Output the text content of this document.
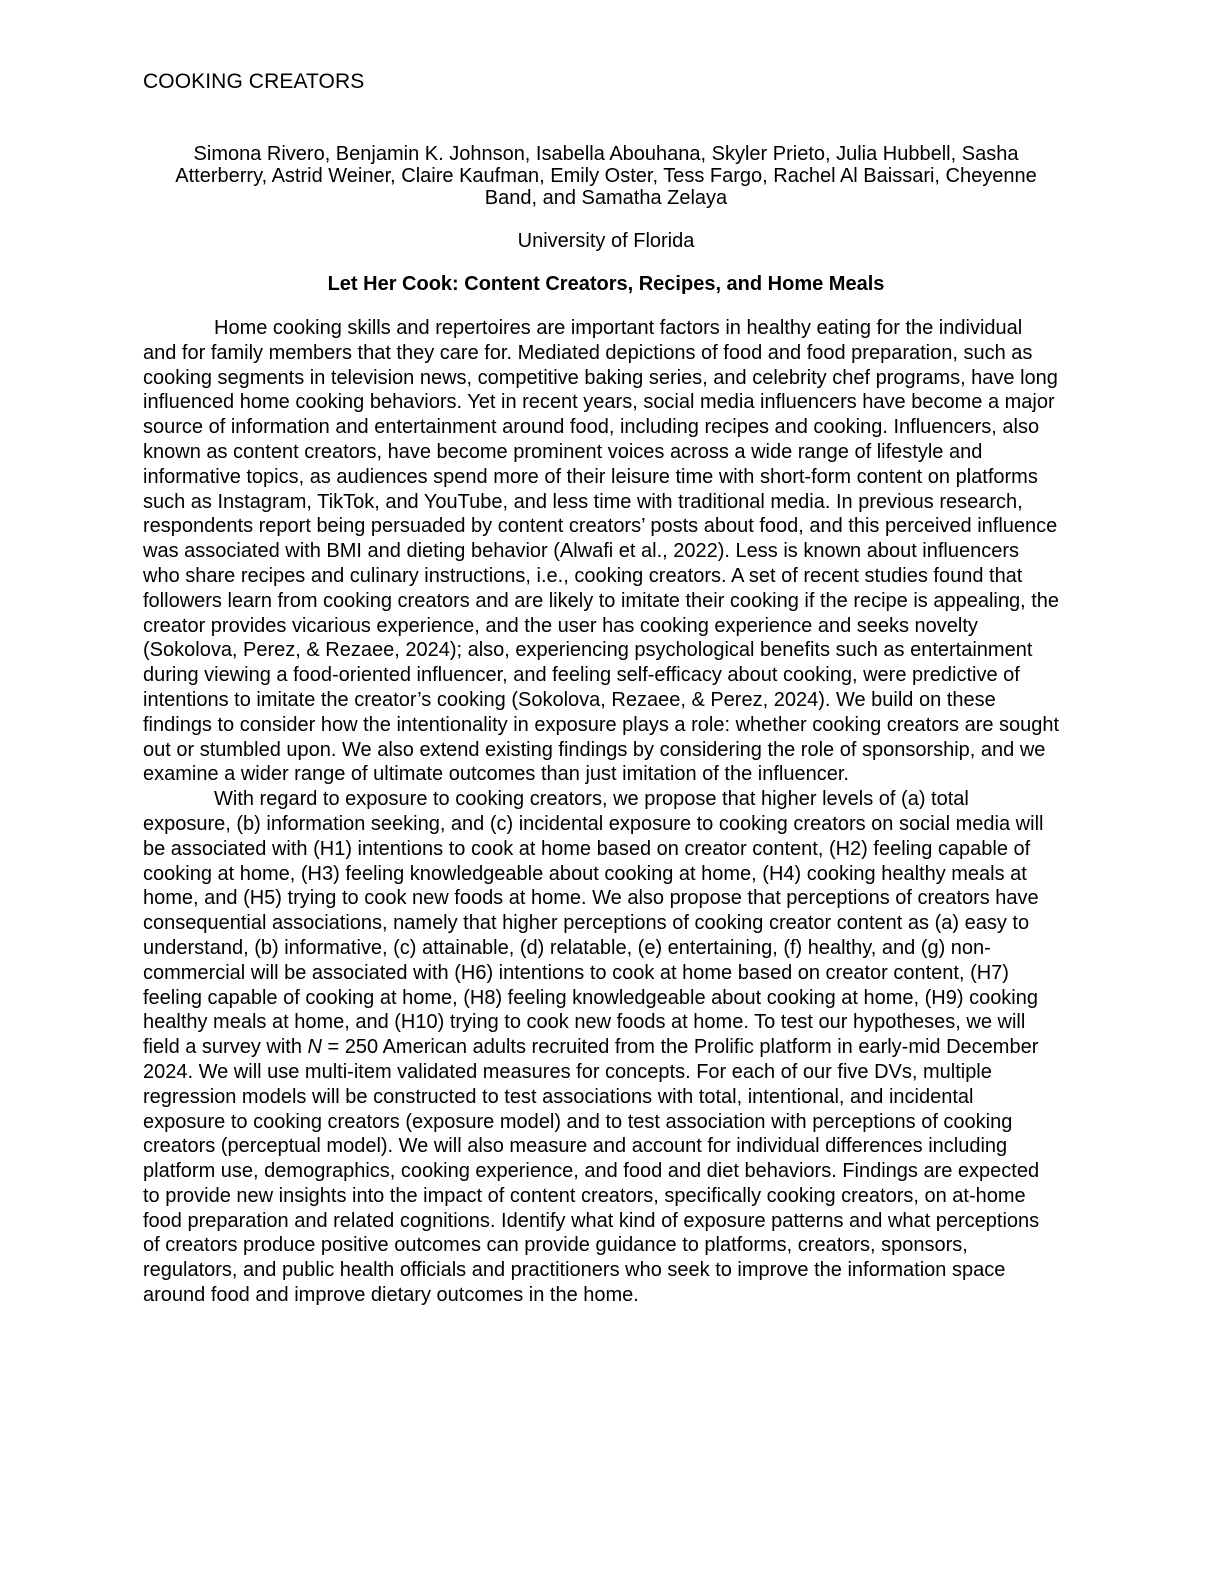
COOKING CREATORS
Simona Rivero, Benjamin K. Johnson, Isabella Abouhana, Skyler Prieto, Julia Hubbell, Sasha
Atterberry, Astrid Weiner, Claire Kaufman, Emily Oster, Tess Fargo, Rachel Al Baissari, Cheyenne
Band, and Samatha Zelaya
University of Florida
Let Her Cook: Content Creators, Recipes, and Home Meals

Home cooking skills and repertoires are important factors in healthy eating for the individual
and for family members that they care for. Mediated depictions of food and food preparation, such as
cooking segments in television news, competitive baking series, and celebrity chef programs, have long
influenced home cooking behaviors. Yet in recent years, social media influencers have become a major
source of information and entertainment around food, including recipes and cooking. Influencers, also
known as content creators, have become prominent voices across a wide range of lifestyle and
informative topics, as audiences spend more of their leisure time with short-form content on platforms
such as Instagram, TikTok, and YouTube, and less time with traditional media. In previous research,
respondents report being persuaded by content creators’ posts about food, and this perceived influence
was associated with BMI and dieting behavior (Alwafi et al., 2022). Less is known about influencers
who share recipes and culinary instructions, i.e., cooking creators. A set of recent studies found that
followers learn from cooking creators and are likely to imitate their cooking if the recipe is appealing, the
creator provides vicarious experience, and the user has cooking experience and seeks novelty
(Sokolova, Perez, & Rezaee, 2024); also, experiencing psychological benefits such as entertainment
during viewing a food-oriented influencer, and feeling self-efficacy about cooking, were predictive of
intentions to imitate the creator’s cooking (Sokolova, Rezaee, & Perez, 2024). We build on these
findings to consider how the intentionality in exposure plays a role: whether cooking creators are sought
out or stumbled upon. We also extend existing findings by considering the role of sponsorship, and we
examine a wider range of ultimate outcomes than just imitation of the influencer.

With regard to exposure to cooking creators, we propose that higher levels of (a) total
exposure, (b) information seeking, and (c) incidental exposure to cooking creators on social media will
be associated with (H1) intentions to cook at home based on creator content, (H2) feeling capable of
cooking at home, (H3) feeling knowledgeable about cooking at home, (H4) cooking healthy meals at
home, and (H5) trying to cook new foods at home. We also propose that perceptions of creators have
consequential associations, namely that higher perceptions of cooking creator content as (a) easy to
understand, (b) informative, (c) attainable, (d) relatable, (e) entertaining, (f) healthy, and (g) non-
commercial will be associated with (H6) intentions to cook at home based on creator content, (H7)
feeling capable of cooking at home, (H8) feeling knowledgeable about cooking at home, (H9) cooking
healthy meals at home, and (H10) trying to cook new foods at home. To test our hypotheses, we will
field a survey with N = 250 American adults recruited from the Prolific platform in early-mid December
2024. We will use multi-item validated measures for concepts. For each of our five DVs, multiple
regression models will be constructed to test associations with total, intentional, and incidental
exposure to cooking creators (exposure model) and to test association with perceptions of cooking
creators (perceptual model). We will also measure and account for individual differences including
platform use, demographics, cooking experience, and food and diet behaviors. Findings are expected
to provide new insights into the impact of content creators, specifically cooking creators, on at-home
food preparation and related cognitions. Identify what kind of exposure patterns and what perceptions
of creators produce positive outcomes can provide guidance to platforms, creators, sponsors,
regulators, and public health officials and practitioners who seek to improve the information space
around food and improve dietary outcomes in the home.
